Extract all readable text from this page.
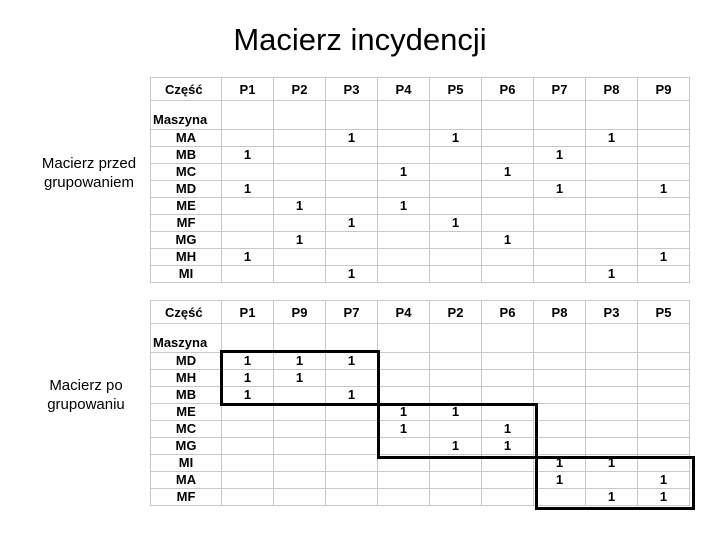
Macierz incydencji
Macierz przed grupowaniem
Macierz po grupowaniu
Część	P1	P2	P3	P4	P5	P6	P7	P8	P9

Maszyna									

MA			1		1			1	
MB	1						1		
MC				1		1			
MD	1						1		1
ME		1		1					
MF			1		1				
MG		1				1			
MH	1								1
MI			1					1	
Część	P1	P9	P7	P4	P2	P6	P8	P3	P5

Maszyna									

MD	1	1	1						
MH	1	1							
MB	1		1						
ME				1	1				
MC				1		1			
MG					1	1			
MI							1	1	
MA							1		1
MF								1	1
